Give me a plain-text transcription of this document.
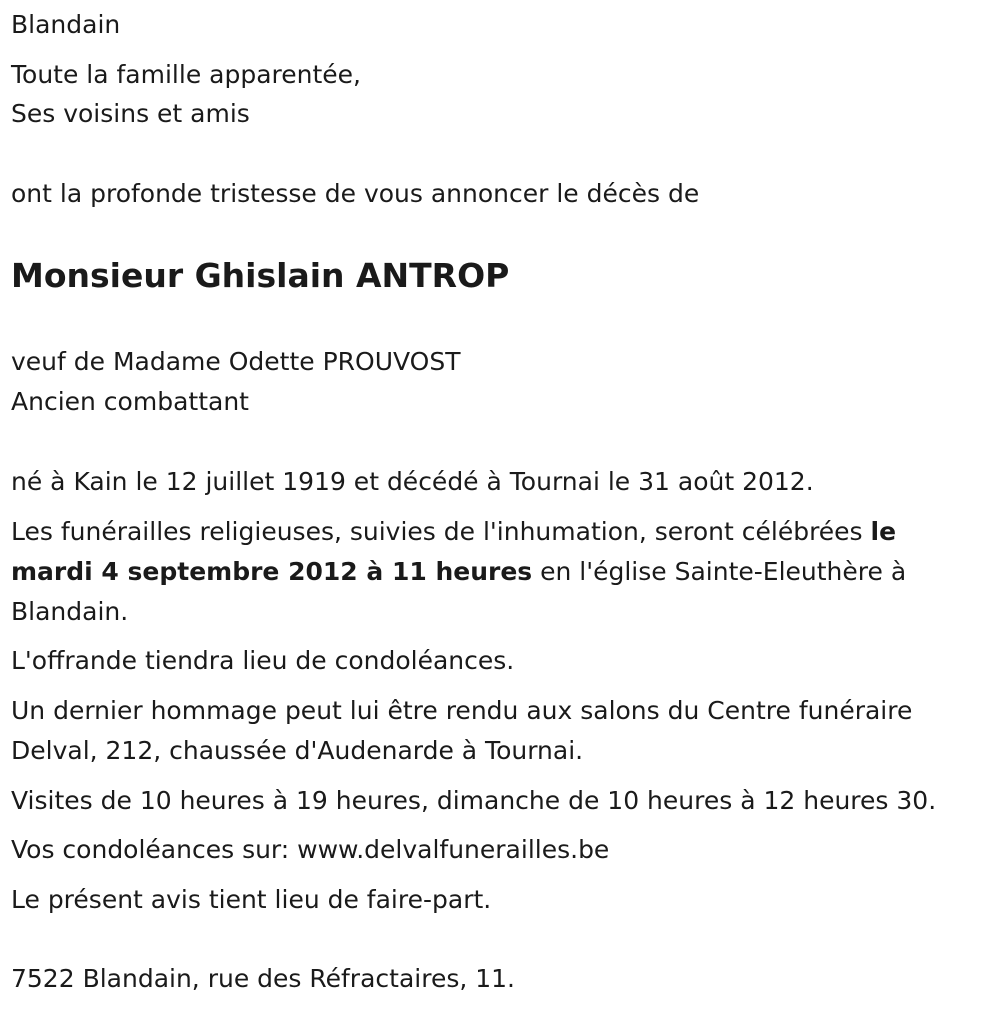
Blandain

Toute la famille apparentée,

Ses voisins et amis

ont la profonde tristesse de vous annoncer le décès de

Monsieur Ghislain ANTROP

veuf de Madame Odette PROUVOST

Ancien combattant

né à Kain le 12 juillet 1919 et décédé à Tournai le 31 août 2012.

Les funérailles religieuses, suivies de l'inhumation, seront célébrées le

mardi 4 septembre 2012 à 11 heures en l'église Sainte-Eleuthère à

Blandain.

L'offrande tiendra lieu de condoléances.

Un dernier hommage peut lui être rendu aux salons du Centre funéraire

Delval, 212, chaussée d'Audenarde à Tournai.

Visites de 10 heures à 19 heures, dimanche de 10 heures à 12 heures 30.

Vos condoléances sur: www.delvalfunerailles.be

Le présent avis tient lieu de faire-part.

7522 Blandain, rue des Réfractaires, 11.
